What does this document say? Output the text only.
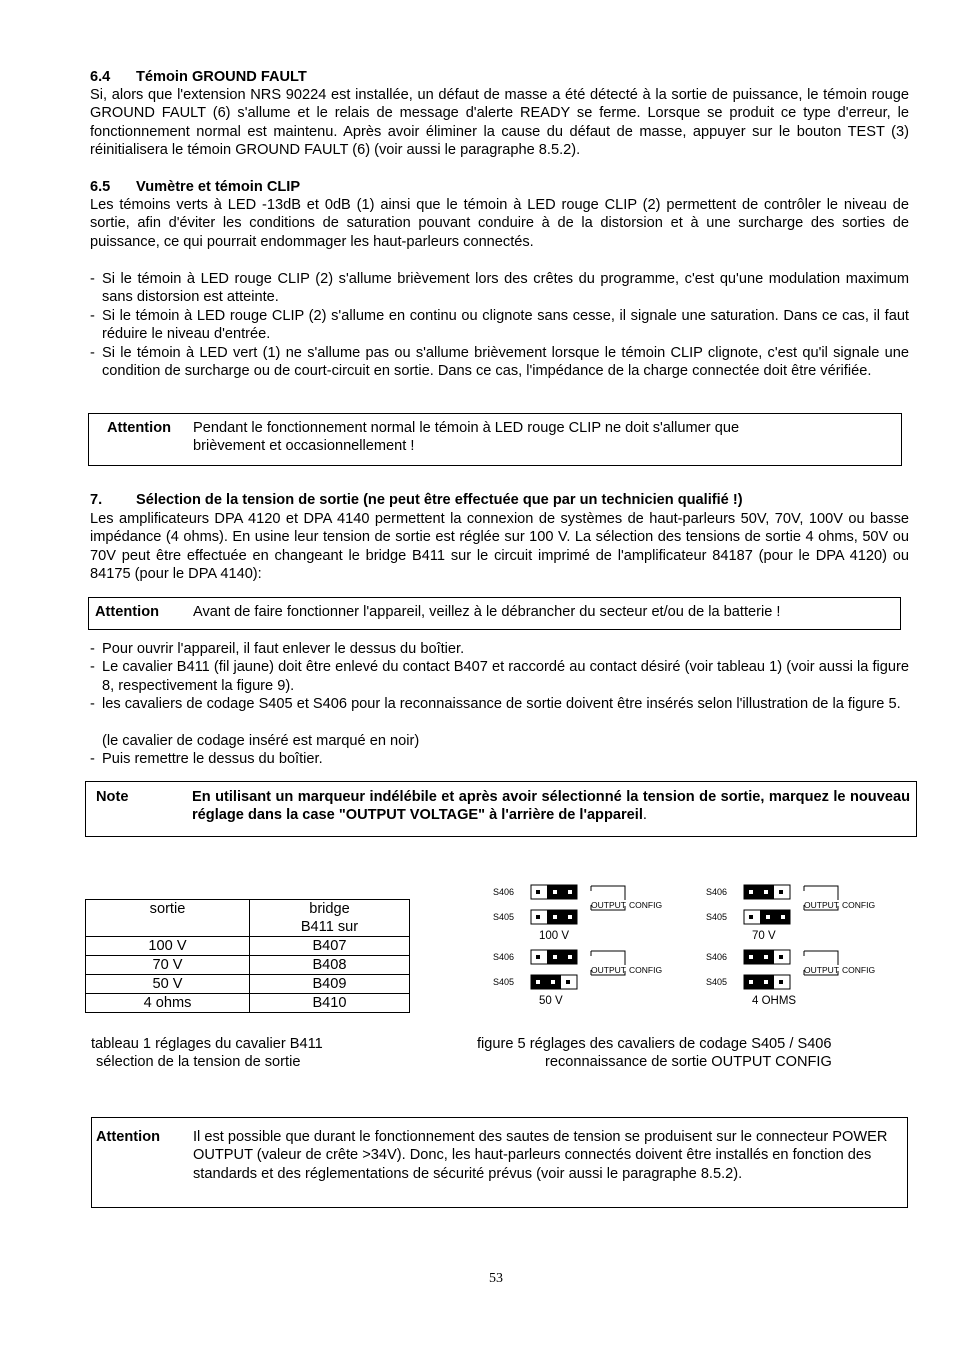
6.4 Témoin GROUND FAULT
Si, alors que l'extension NRS 90224 est installée, un défaut de masse a été détecté à la sortie de puissance, le témoin rouge GROUND FAULT (6) s'allume et le relais de message d'alerte READY se ferme. Lorsque se produit ce type d'erreur, le fonctionnement normal est maintenu. Après avoir éliminer la cause du défaut de masse, appuyer sur le bouton TEST (3) réinitialisera le témoin GROUND FAULT (6) (voir aussi le paragraphe 8.5.2).
6.5 Vumètre et témoin CLIP
Les témoins verts à LED -13dB et 0dB (1) ainsi que le témoin à LED rouge CLIP (2) permettent de contrôler le niveau de sortie, afin d'éviter les conditions de saturation pouvant conduire à de la distorsion et à une surcharge des sorties de puissance, ce qui pourrait endommager les haut-parleurs connectés.
- Si le témoin à LED rouge CLIP (2) s'allume brièvement lors des crêtes du programme, c'est qu'une modulation maximum sans distorsion est atteinte.
- Si le témoin à LED rouge CLIP (2) s'allume en continu ou clignote sans cesse, il signale une saturation. Dans ce cas, il faut réduire le niveau d'entrée.
- Si le témoin à LED vert (1) ne s'allume pas ou s'allume brièvement lorsque le témoin CLIP clignote, c'est qu'il signale une condition de surcharge ou de court-circuit en sortie. Dans ce cas, l'impédance de la charge connectée doit être vérifiée.
Attention Pendant le fonctionnement normal le témoin à LED rouge CLIP ne doit s'allumer que brièvement et occasionnellement !
7. Sélection de la tension de sortie (ne peut être effectuée que par un technicien qualifié !)
Les amplificateurs DPA 4120 et DPA 4140 permettent la connexion de systèmes de haut-parleurs 50V, 70V, 100V ou basse impédance (4 ohms). En usine leur tension de sortie est réglée sur 100 V. La sélection des tensions de sortie 4 ohms, 50V ou 70V peut être effectuée en changeant le bridge B411 sur le circuit imprimé de l'amplificateur 84187 (pour le DPA 4120) ou 84175 (pour le DPA 4140):
Attention Avant de faire fonctionner l'appareil, veillez à le débrancher du secteur et/ou de la batterie !
- Pour ouvrir l'appareil, il faut enlever le dessus du boîtier.
- Le cavalier B411 (fil jaune) doit être enlevé du contact B407 et raccordé au contact désiré (voir tableau 1) (voir aussi la figure 8, respectivement la figure 9).
- les cavaliers de codage S405 et S406 pour la reconnaissance de sortie doivent être insérés selon l'illustration de la figure 5.
(le cavalier de codage inséré est marqué en noir)
- Puis remettre le dessus du boîtier.
Note	En utilisant un marqueur indélébile et après avoir sélectionné la tension de sortie, marquez le nouveau réglage dans la case "OUTPUT VOLTAGE" à l'arrière de l'appareil.
sortie	bridge
B411 sur
100 V	B407
70 V	B408
50 V	B409
4 ohms	B410
tableau 1 réglages du cavalier B411
sélection de la tension de sortie
S406
S405
OUTPUT CONFIG
100 V
S406
S405
OUTPUT CONFIG
70 V
S406
S405
OUTPUT CONFIG
50 V
S406
S405
OUTPUT CONFIG
4 OHMS
figure 5 réglages des cavaliers de codage S405 / S406
reconnaissance de sortie OUTPUT CONFIG
Attention Il est possible que durant le fonctionnement des sautes de tension se produisent sur le connecteur POWER OUTPUT (valeur de crête >34V). Donc, les haut-parleurs connectés doivent être installés en fonction des standards et des réglementations de sécurité prévus (voir aussi le paragraphe 8.5.2).
53
